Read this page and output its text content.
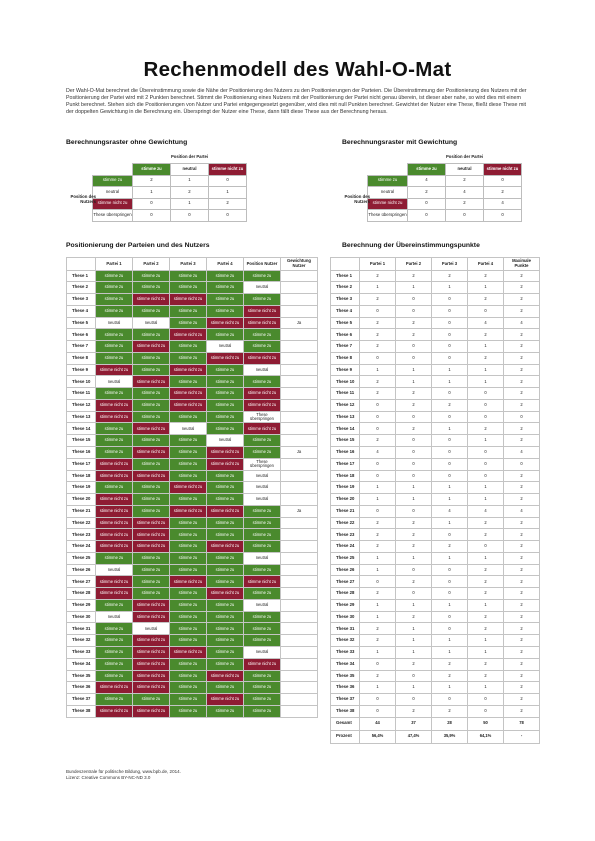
Rechenmodell des Wahl-O-Mat

Der Wahl-O-Mat berechnet die Übereinstimmung sowie die Nähe der Positionierung des Nutzers zu den Positionierungen der Parteien. Die Übereinstimmung der Positionierung des Nutzers mit der Positionierung der Partei wird mit 2 Punkten berechnet. Stimmt die Positionierung eines Nutzers mit der Positionierung der Partei nicht genau überein, ist dieser aber nahe, so wird dies mit einem Punkt berechnet. Stehen sich die Positionierungen von Nutzer und Partei entgegengesetzt gegenüber, wird dies mit null Punkten berechnet. Gewichtet der Nutzer eine These, fließt diese These mit der doppelten Gewichtung in die Berechnung ein. Überspringt der Nutzer eine These, dann fällt diese These aus der Berechnung heraus.

Berechnungsraster ohne Gewichtung	Berechnungsraster mit Gewichtung
	Position der Partei		
	stimme zu	neutral	stimme nicht zu
stimme zu	2	1	0
neutral	1	2	1
stimme nicht zu	0	1	2
These überspringen	0	0	0
Position des Nutzers
	Position der Partei		
	stimme zu	neutral	stimme nicht zu
stimme zu	4	2	0
neutral	2	4	2
stimme nicht zu	0	2	4
These überspringen	0	0	0
Position des Nutzers
Positionierung der Parteien und des Nutzers	Berechnung der Übereinstimmungspunkte
	Partei 1	Partei 2	Partei 3	Partei 4	Position Nutzer	Gewichtung Nutzer
These 1	stimme zu	stimme zu	stimme zu	stimme zu	stimme zu	
These 2	stimme zu	stimme zu	stimme zu	stimme zu	neutral	
These 3	stimme zu	stimme nicht zu	stimme nicht zu	stimme zu	stimme zu	
These 4	stimme zu	stimme zu	stimme zu	stimme zu	stimme nicht zu	
These 5	neutral	neutral	stimme zu	stimme nicht zu	stimme nicht zu	Ja
These 6	stimme zu	stimme zu	stimme nicht zu	stimme zu	stimme zu	
These 7	stimme zu	stimme nicht zu	stimme zu	neutral	stimme zu	
These 8	stimme zu	stimme zu	stimme zu	stimme nicht zu	stimme nicht zu	
These 9	stimme nicht zu	stimme zu	stimme nicht zu	stimme zu	neutral	
These 10	neutral	stimme nicht zu	stimme zu	stimme zu	stimme zu	
These 11	stimme zu	stimme zu	stimme nicht zu	stimme zu	stimme nicht zu	
These 12	stimme nicht zu	stimme zu	stimme nicht zu	stimme zu	stimme nicht zu	
These 13	stimme nicht zu	stimme zu	stimme zu	stimme zu	These überspringen	
These 14	stimme zu	stimme nicht zu	neutral	stimme zu	stimme nicht zu	
These 15	stimme zu	stimme zu	stimme zu	neutral	stimme zu	
These 16	stimme zu	stimme nicht zu	stimme zu	stimme nicht zu	stimme zu	Ja
These 17	stimme nicht zu	stimme zu	stimme zu	stimme nicht zu	These überspringen	
These 18	stimme nicht zu	stimme nicht zu	stimme zu	stimme zu	neutral	
These 19	stimme zu	stimme zu	stimme nicht zu	stimme zu	neutral	
These 20	stimme nicht zu	stimme zu	stimme zu	stimme zu	neutral	
These 21	stimme nicht zu	stimme zu	stimme nicht zu	stimme nicht zu	stimme zu	Ja
These 22	stimme nicht zu	stimme nicht zu	stimme zu	stimme zu	stimme zu	
These 23	stimme nicht zu	stimme nicht zu	stimme zu	stimme zu	stimme zu	
These 24	stimme nicht zu	stimme nicht zu	stimme zu	stimme nicht zu	stimme zu	
These 25	stimme zu	stimme zu	stimme zu	stimme zu	neutral	
These 26	neutral	stimme zu	stimme zu	stimme zu	stimme zu	
These 27	stimme nicht zu	stimme zu	stimme nicht zu	stimme zu	stimme nicht zu	
These 28	stimme nicht zu	stimme zu	stimme zu	stimme nicht zu	stimme zu	
These 29	stimme zu	stimme nicht zu	stimme zu	stimme zu	neutral	
These 30	neutral	stimme nicht zu	stimme zu	stimme zu	stimme zu	
These 31	stimme zu	neutral	stimme zu	stimme zu	stimme zu	
These 32	stimme zu	stimme nicht zu	stimme zu	stimme zu	stimme zu	
These 33	stimme zu	stimme nicht zu	stimme nicht zu	stimme zu	neutral	
These 34	stimme zu	stimme nicht zu	stimme zu	stimme zu	stimme nicht zu	
These 35	stimme zu	stimme nicht zu	stimme zu	stimme nicht zu	stimme zu	
These 36	stimme nicht zu	stimme nicht zu	stimme zu	stimme zu	stimme zu	
These 37	stimme zu	stimme zu	stimme zu	stimme nicht zu	stimme zu	
These 38	stimme nicht zu	stimme nicht zu	stimme zu	stimme zu	stimme zu	
	Partei 1	Partei 2	Partei 3	Partei 4	Maximale Punkte
These 1	2	2	2	2	2
These 2	1	1	1	1	2
These 3	2	0	0	2	2
These 4	0	0	0	0	2
These 5	2	2	0	4	4
These 6	2	2	0	2	2
These 7	2	0	0	1	2
These 8	0	0	0	2	2
These 9	1	1	1	1	2
These 10	2	1	1	1	2
These 11	2	2	0	0	2
These 12	0	2	2	0	2
These 13	0	0	0	0	0
These 14	0	2	1	2	2
These 15	2	0	0	1	2
These 16	4	0	0	0	4
These 17	0	0	0	0	0
These 18	0	0	0	0	2
These 19	1	1	1	1	2
These 20	1	1	1	1	2
These 21	0	0	4	4	4
These 22	2	2	1	2	2
These 23	2	2	0	2	2
These 24	2	2	2	0	2
These 25	1	1	1	1	2
These 26	1	0	0	2	2
These 27	0	2	0	2	2
These 28	2	0	0	2	2
These 29	1	1	1	1	2
These 30	1	2	0	2	2
These 31	2	1	0	2	2
These 32	2	1	1	1	2
These 33	1	1	1	1	2
These 34	0	2	2	2	2
These 35	2	0	2	2	2
These 36	1	1	1	1	2
These 37	0	0	0	0	2
These 38	0	2	2	0	2
Gesamt	44	37	28	50	78
Prozent	56,4%	47,4%	35,9%	64,1%	-
Bundeszentrale für politische Bildung, www.bpb.de, 2014.
Lizenz: Creative Commons BY-NC-ND 3.0
